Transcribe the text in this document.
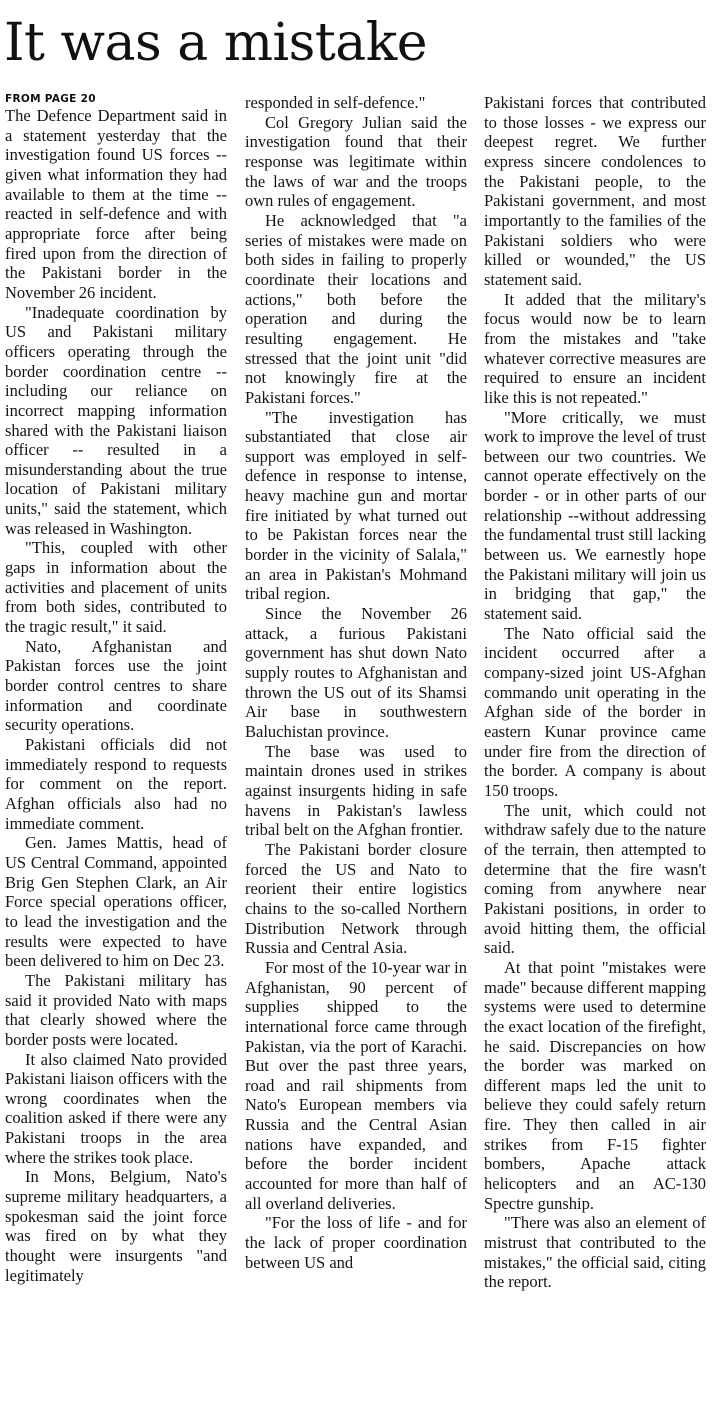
It was a mistake
FROM PAGE 20

The Defence Department said in a statement yesterday that the investigation found US forces -- given what information they had available to them at the time -- reacted in self-defence and with appropriate force after being fired upon from the direction of the Pakistani border in the November 26 incident.

"Inadequate coordination by US and Pakistani military officers operating through the border coordination centre -- including our reliance on incorrect mapping information shared with the Pakistani liaison officer -- resulted in a misunderstanding about the true location of Pakistani military units," said the statement, which was released in Washington.

"This, coupled with other gaps in information about the activities and placement of units from both sides, contributed to the tragic result," it said.

Nato, Afghanistan and Pakistan forces use the joint border control centres to share information and coordinate security operations.

Pakistani officials did not immediately respond to requests for comment on the report. Afghan officials also had no immediate comment.

Gen. James Mattis, head of US Central Command, appointed Brig Gen Stephen Clark, an Air Force special operations officer, to lead the investigation and the results were expected to have been delivered to him on Dec 23.

The Pakistani military has said it provided Nato with maps that clearly showed where the border posts were located.

It also claimed Nato provided Pakistani liaison officers with the wrong coordinates when the coalition asked if there were any Pakistani troops in the area where the strikes took place.

In Mons, Belgium, Nato's supreme military headquarters, a spokesman said the joint force was fired on by what they thought were insurgents "and legitimately

responded in self-defence."

Col Gregory Julian said the investigation found that their response was legitimate within the laws of war and the troops own rules of engagement.

He acknowledged that "a series of mistakes were made on both sides in failing to properly coordinate their locations and actions," both before the operation and during the resulting engagement. He stressed that the joint unit "did not knowingly fire at the Pakistani forces."

"The investigation has substantiated that close air support was employed in self-defence in response to intense, heavy machine gun and mortar fire initiated by what turned out to be Pakistan forces near the border in the vicinity of Salala," an area in Pakistan's Mohmand tribal region.

Since the November 26 attack, a furious Pakistani government has shut down Nato supply routes to Afghanistan and thrown the US out of its Shamsi Air base in southwestern Baluchistan province.

The base was used to maintain drones used in strikes against insurgents hiding in safe havens in Pakistan's lawless tribal belt on the Afghan frontier.

The Pakistani border closure forced the US and Nato to reorient their entire logistics chains to the so-called Northern Distribution Network through Russia and Central Asia.

For most of the 10-year war in Afghanistan, 90 percent of supplies shipped to the international force came through Pakistan, via the port of Karachi. But over the past three years, road and rail shipments from Nato's European members via Russia and the Central Asian nations have expanded, and before the border incident accounted for more than half of all overland deliveries.

"For the loss of life - and for the lack of proper coordination between US and

Pakistani forces that contributed to those losses - we express our deepest regret. We further express sincere condolences to the Pakistani people, to the Pakistani government, and most importantly to the families of the Pakistani soldiers who were killed or wounded," the US statement said.

It added that the military's focus would now be to learn from the mistakes and "take whatever corrective measures are required to ensure an incident like this is not repeated."

"More critically, we must work to improve the level of trust between our two countries. We cannot operate effectively on the border - or in other parts of our relationship --without addressing the fundamental trust still lacking between us. We earnestly hope the Pakistani military will join us in bridging that gap," the statement said.

The Nato official said the incident occurred after a company-sized joint US-Afghan commando unit operating in the Afghan side of the border in eastern Kunar province came under fire from the direction of the border. A company is about 150 troops.

The unit, which could not withdraw safely due to the nature of the terrain, then attempted to determine that the fire wasn't coming from anywhere near Pakistani positions, in order to avoid hitting them, the official said.

At that point "mistakes were made" because different mapping systems were used to determine the exact location of the firefight, he said. Discrepancies on how the border was marked on different maps led the unit to believe they could safely return fire. They then called in air strikes from F-15 fighter bombers, Apache attack helicopters and an AC-130 Spectre gunship.

"There was also an element of mistrust that contributed to the mistakes," the official said, citing the report.
